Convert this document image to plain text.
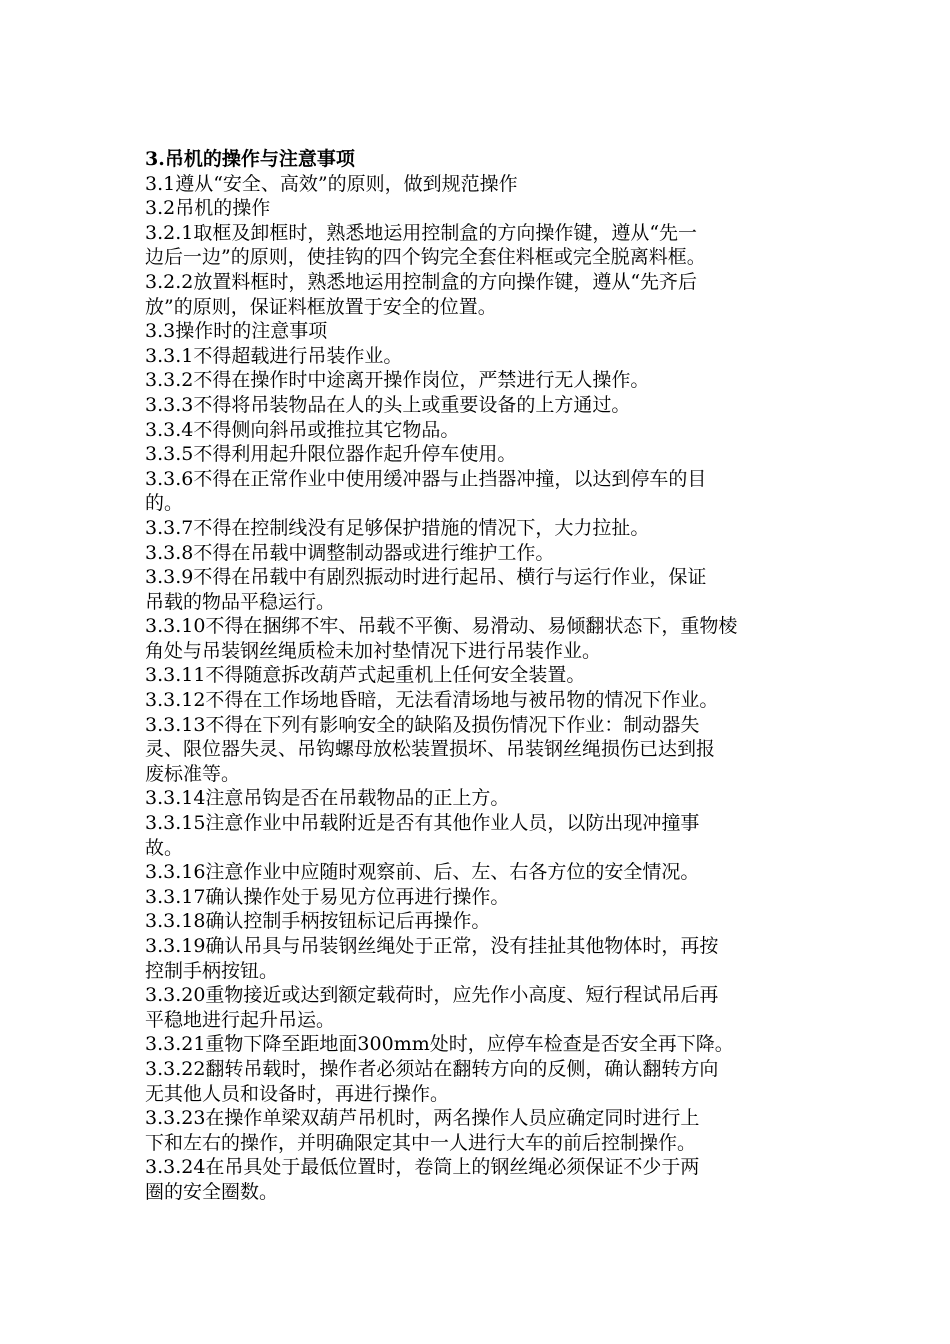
3.吊机的操作与注意事项
3.1遵从“安全、高效”的原则，做到规范操作
3.2吊机的操作
3.2.1取框及卸框时，熟悉地运用控制盒的方向操作键，遵从“先一
边后一边”的原则，使挂钩的四个钩完全套住料框或完全脱离料框。
3.2.2放置料框时，熟悉地运用控制盒的方向操作键，遵从“先齐后
放”的原则，保证料框放置于安全的位置。
3.3操作时的注意事项
3.3.1不得超载进行吊装作业。
3.3.2不得在操作时中途离开操作岗位，严禁进行无人操作。
3.3.3不得将吊装物品在人的头上或重要设备的上方通过。
3.3.4不得侧向斜吊或推拉其它物品。
3.3.5不得利用起升限位器作起升停车使用。
3.3.6不得在正常作业中使用缓冲器与止挡器冲撞，以达到停车的目
的。
3.3.7不得在控制线没有足够保护措施的情况下，大力拉扯。
3.3.8不得在吊载中调整制动器或进行维护工作。
3.3.9不得在吊载中有剧烈振动时进行起吊、横行与运行作业，保证
吊载的物品平稳运行。
3.3.10不得在捆绑不牢、吊载不平衡、易滑动、易倾翻状态下，重物棱
角处与吊装钢丝绳质检未加衬垫情况下进行吊装作业。
3.3.11不得随意拆改葫芦式起重机上任何安全装置。
3.3.12不得在工作场地昏暗，无法看清场地与被吊物的情况下作业。
3.3.13不得在下列有影响安全的缺陷及损伤情况下作业：制动器失
灵、限位器失灵、吊钩螺母放松装置损坏、吊装钢丝绳损伤已达到报
废标准等。
3.3.14注意吊钩是否在吊载物品的正上方。
3.3.15注意作业中吊载附近是否有其他作业人员，以防出现冲撞事
故。
3.3.16注意作业中应随时观察前、后、左、右各方位的安全情况。
3.3.17确认操作处于易见方位再进行操作。
3.3.18确认控制手柄按钮标记后再操作。
3.3.19确认吊具与吊装钢丝绳处于正常，没有挂扯其他物体时，再按
控制手柄按钮。
3.3.20重物接近或达到额定载荷时，应先作小高度、短行程试吊后再
平稳地进行起升吊运。
3.3.21重物下降至距地面300mm处时，应停车检查是否安全再下降。
3.3.22翻转吊载时，操作者必须站在翻转方向的反侧，确认翻转方向
无其他人员和设备时，再进行操作。
3.3.23在操作单梁双葫芦吊机时，两名操作人员应确定同时进行上
下和左右的操作，并明确限定其中一人进行大车的前后控制操作。
3.3.24在吊具处于最低位置时，卷筒上的钢丝绳必须保证不少于两
圈的安全圈数。
